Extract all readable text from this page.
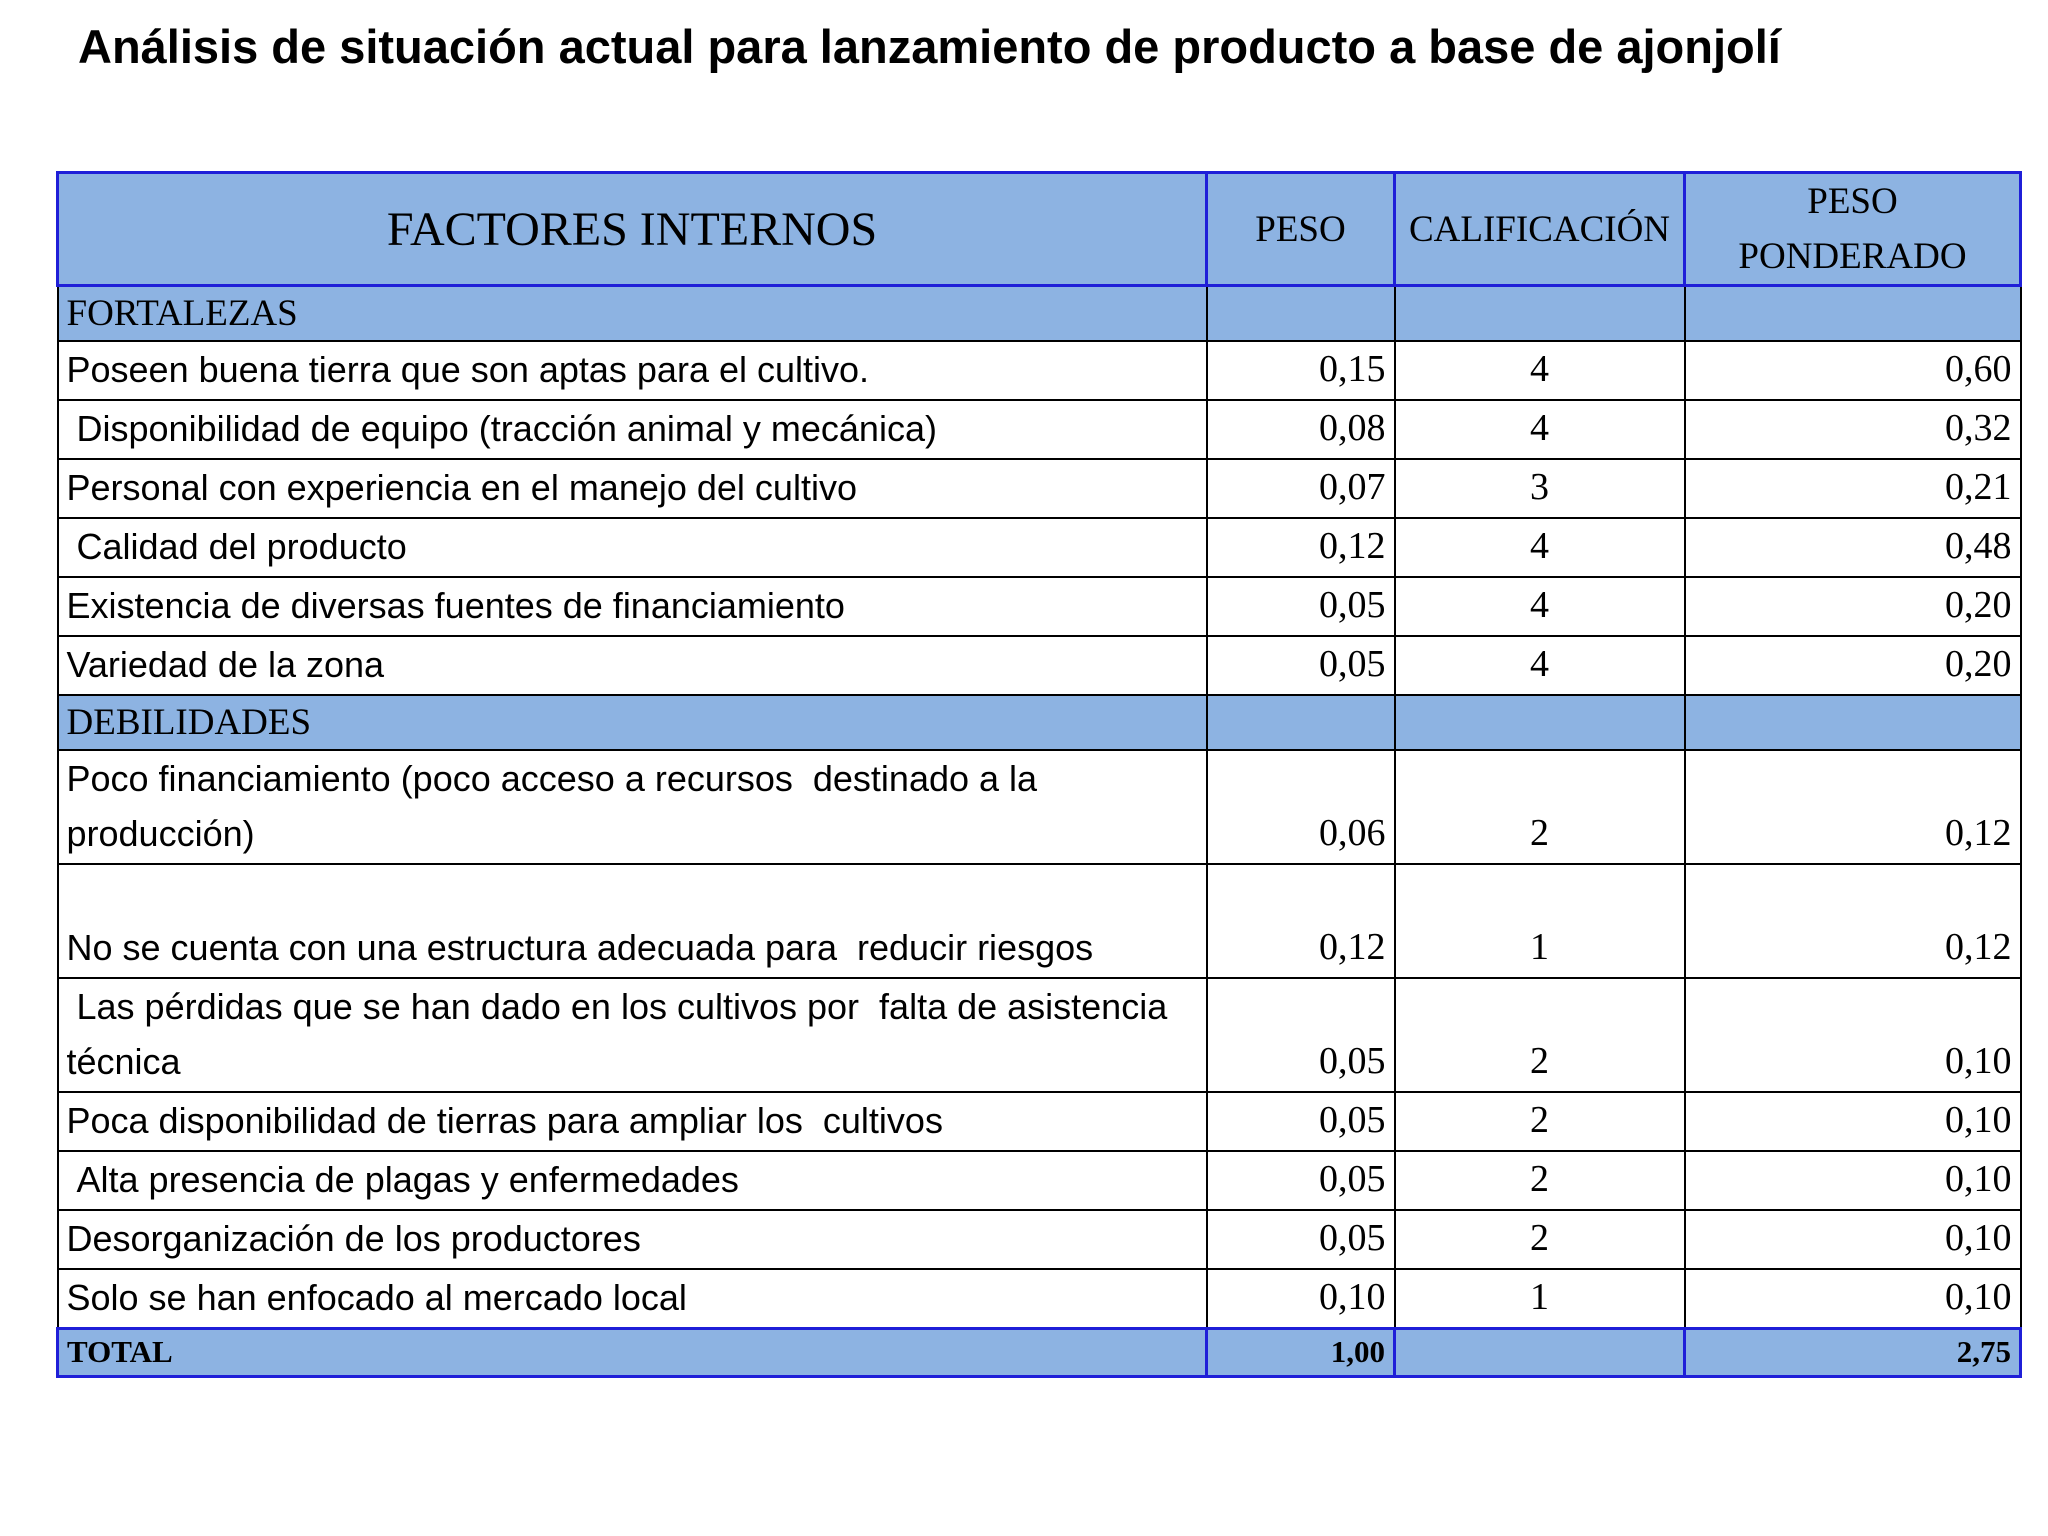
Análisis de situación actual para lanzamiento de producto a base de ajonjolí
FACTORES INTERNOS	PESO	CALIFICACIÓN	PESO PONDERADO
FORTALEZAS			
Poseen buena tierra que son aptas para el cultivo.	0,15	4	0,60
Disponibilidad de equipo (tracción animal y mecánica)	0,08	4	0,32
Personal con experiencia en el manejo del cultivo	0,07	3	0,21
Calidad del producto	0,12	4	0,48
Existencia de diversas fuentes de financiamiento	0,05	4	0,20
Variedad de la zona	0,05	4	0,20
DEBILIDADES			
Poco financiamiento (poco acceso a recursos  destinado a la producción)	0,06	2	0,12
No se cuenta con una estructura adecuada para  reducir riesgos	0,12	1	0,12
Las pérdidas que se han dado en los cultivos por  falta de asistencia técnica	0,05	2	0,10
Poca disponibilidad de tierras para ampliar los  cultivos	0,05	2	0,10
Alta presencia de plagas y enfermedades	0,05	2	0,10
Desorganización de los productores	0,05	2	0,10
Solo se han enfocado al mercado local	0,10	1	0,10
TOTAL	1,00		2,75
